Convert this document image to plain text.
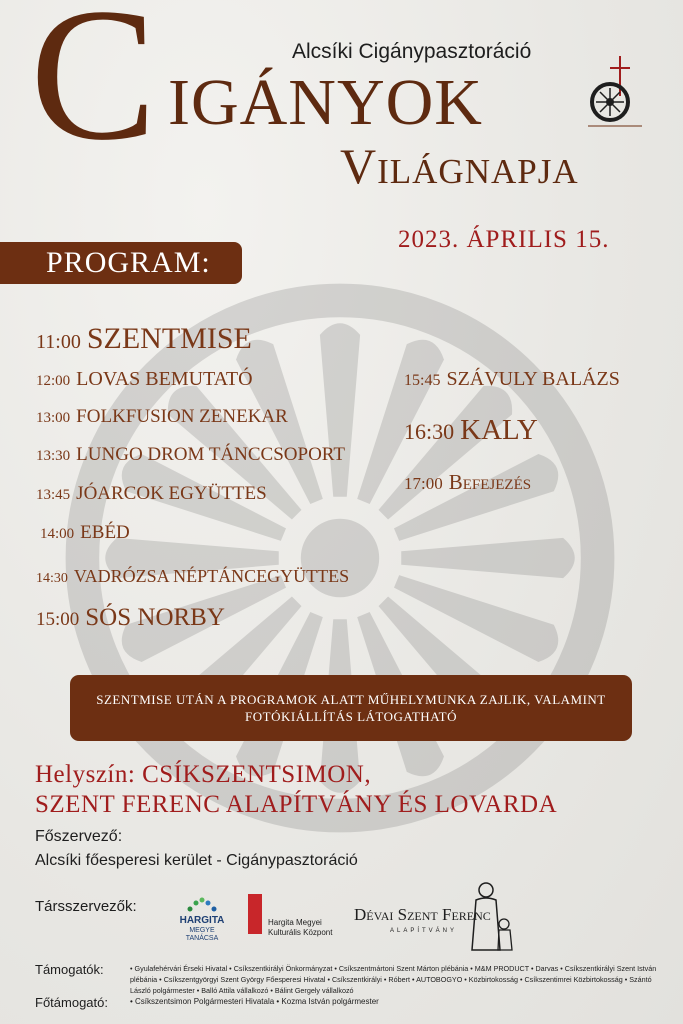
C	Alcsíki Cigánypasztoráció
IGÁNYOK
Világnapja
2023. ÁPRILIS 15.
PROGRAM:
11:00 SZENTMISE
12:00 LOVAS BEMUTATÓ
13:00 FOLKFUSION ZENEKAR
13:30 LUNGO DROM TÁNCCSOPORT
13:45 JÓARCOK EGYÜTTES
14:00 EBÉD
14:30 VADRÓZSA NÉPTÁNCEGYÜTTES
15:00 SÓS NORBY
15:45 SZÁVULY BALÁZS
16:30 KALY
17:00 Befejezés
SZENTMISE UTÁN A PROGRAMOK ALATT MŰHELYMUNKA ZAJLIK, VALAMINT FOTÓKIÁLLÍTÁS LÁTOGATHATÓ
Helyszín: CSÍKSZENTSIMON,
SZENT FERENC ALAPÍTVÁNY ÉS LOVARDA
Főszervező:
Alcsíki főesperesi kerület - Cigánypasztoráció
Társszervezők:
HARGITA
MEGYE TANÁCSA
Hargita Megyei
Kulturális Központ
Dévai Szent Ferenc
ALAPÍTVÁNY
Támogatók:	• Gyulafehérvári Érseki Hivatal • Csíkszentkirályi Önkormányzat • Csíkszentmártoni Szent Márton plébánia • M&M PRODUCT • Darvas • Csíkszentkirályi Szent István plébánia • Csíkszentgyörgyi Szent György Főesperesi Hivatal • Csíkszentkirályi • Róbert • AUTOBOGYO • Közbirtokosság • Csíkszentimrei Közbirtokosság • Szántó László polgármester • Balló Attila vállalkozó • Bálint Gergely vállalkozó
Főtámogató:	• Csíkszentsimon Polgármesteri Hivatala • Kozma István polgármester
